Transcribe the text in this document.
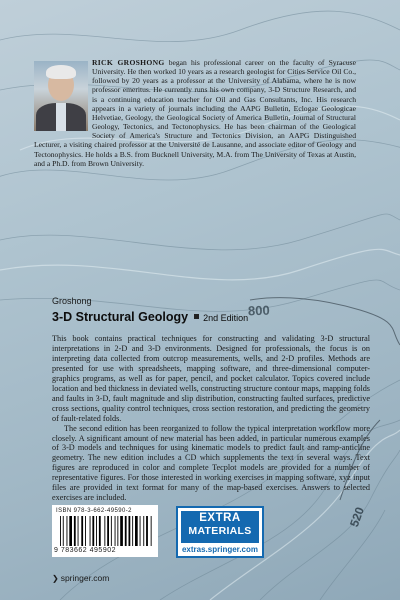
800
520
RICK GROSHONG began his professional career on the faculty of Syracuse University. He then worked 10 years as a research geologist for Cities Service Oil Co., followed by 20 years as a professor at the University of Alabama, where he is now professor emeritus. He currently runs his own company, 3-D Structure Research, and is a continuing education teacher for Oil and Gas Consultants, Inc. His research appears in a variety of journals including the AAPG Bulletin, Eclogae Geologicae Helvetiae, Geology, the Geological Society of America Bulletin, Journal of Structural Geology, Tectonics, and Tectonophysics. He has been chairman of the Geological Society of America's Structure and Tectonics Division, an AAPG Distinguished Lecturer, a visiting chaired professor at the Université de Lausanne, and associate editor of Geology and Tectonophysics. He holds a B.S. from Bucknell University, M.A. from The University of Texas at Austin, and a Ph.D. from Brown University.
Groshong
3-D Structural Geology 2nd Edition

This book contains practical techniques for constructing and validating 3-D structural interpretations in 2-D and 3-D environments. Designed for professionals, the focus is on interpreting data collected from outcrop measurements, wells, and 2-D profiles. Methods are presented for use with spreadsheets, mapping software, and three-dimensional computer-graphics programs, as well as for paper, pencil, and pocket calculator. Topics covered include location and bed thickness in deviated wells, constructing structure contour maps, mapping folds and faults in 3-D, fault magnitude and slip distribution, constructing faulted surfaces, predictive cross sections, quality control techniques, cross section restoration, and predicting the geometry of fault-related folds.

The second edition has been reorganized to follow the typical interpretation workflow more closely. A significant amount of new material has been added, in particular numerous examples of 3-D models and techniques for using kinematic models to predict fault and ramp-anticline geometry. The new edition includes a CD which supplements the text in several ways. Text figures are reproduced in color and complete Tecplot models are provided for a number of representative figures. For those interested in working exercises in mapping software, xyz input files are provided in text format for many of the map-based exercises. Answers to selected exercises are included.

ISBN 978-3-662-49590-2
9 783662 495902
EXTRA
MATERIALS
extras.springer.com
❯ springer.com
